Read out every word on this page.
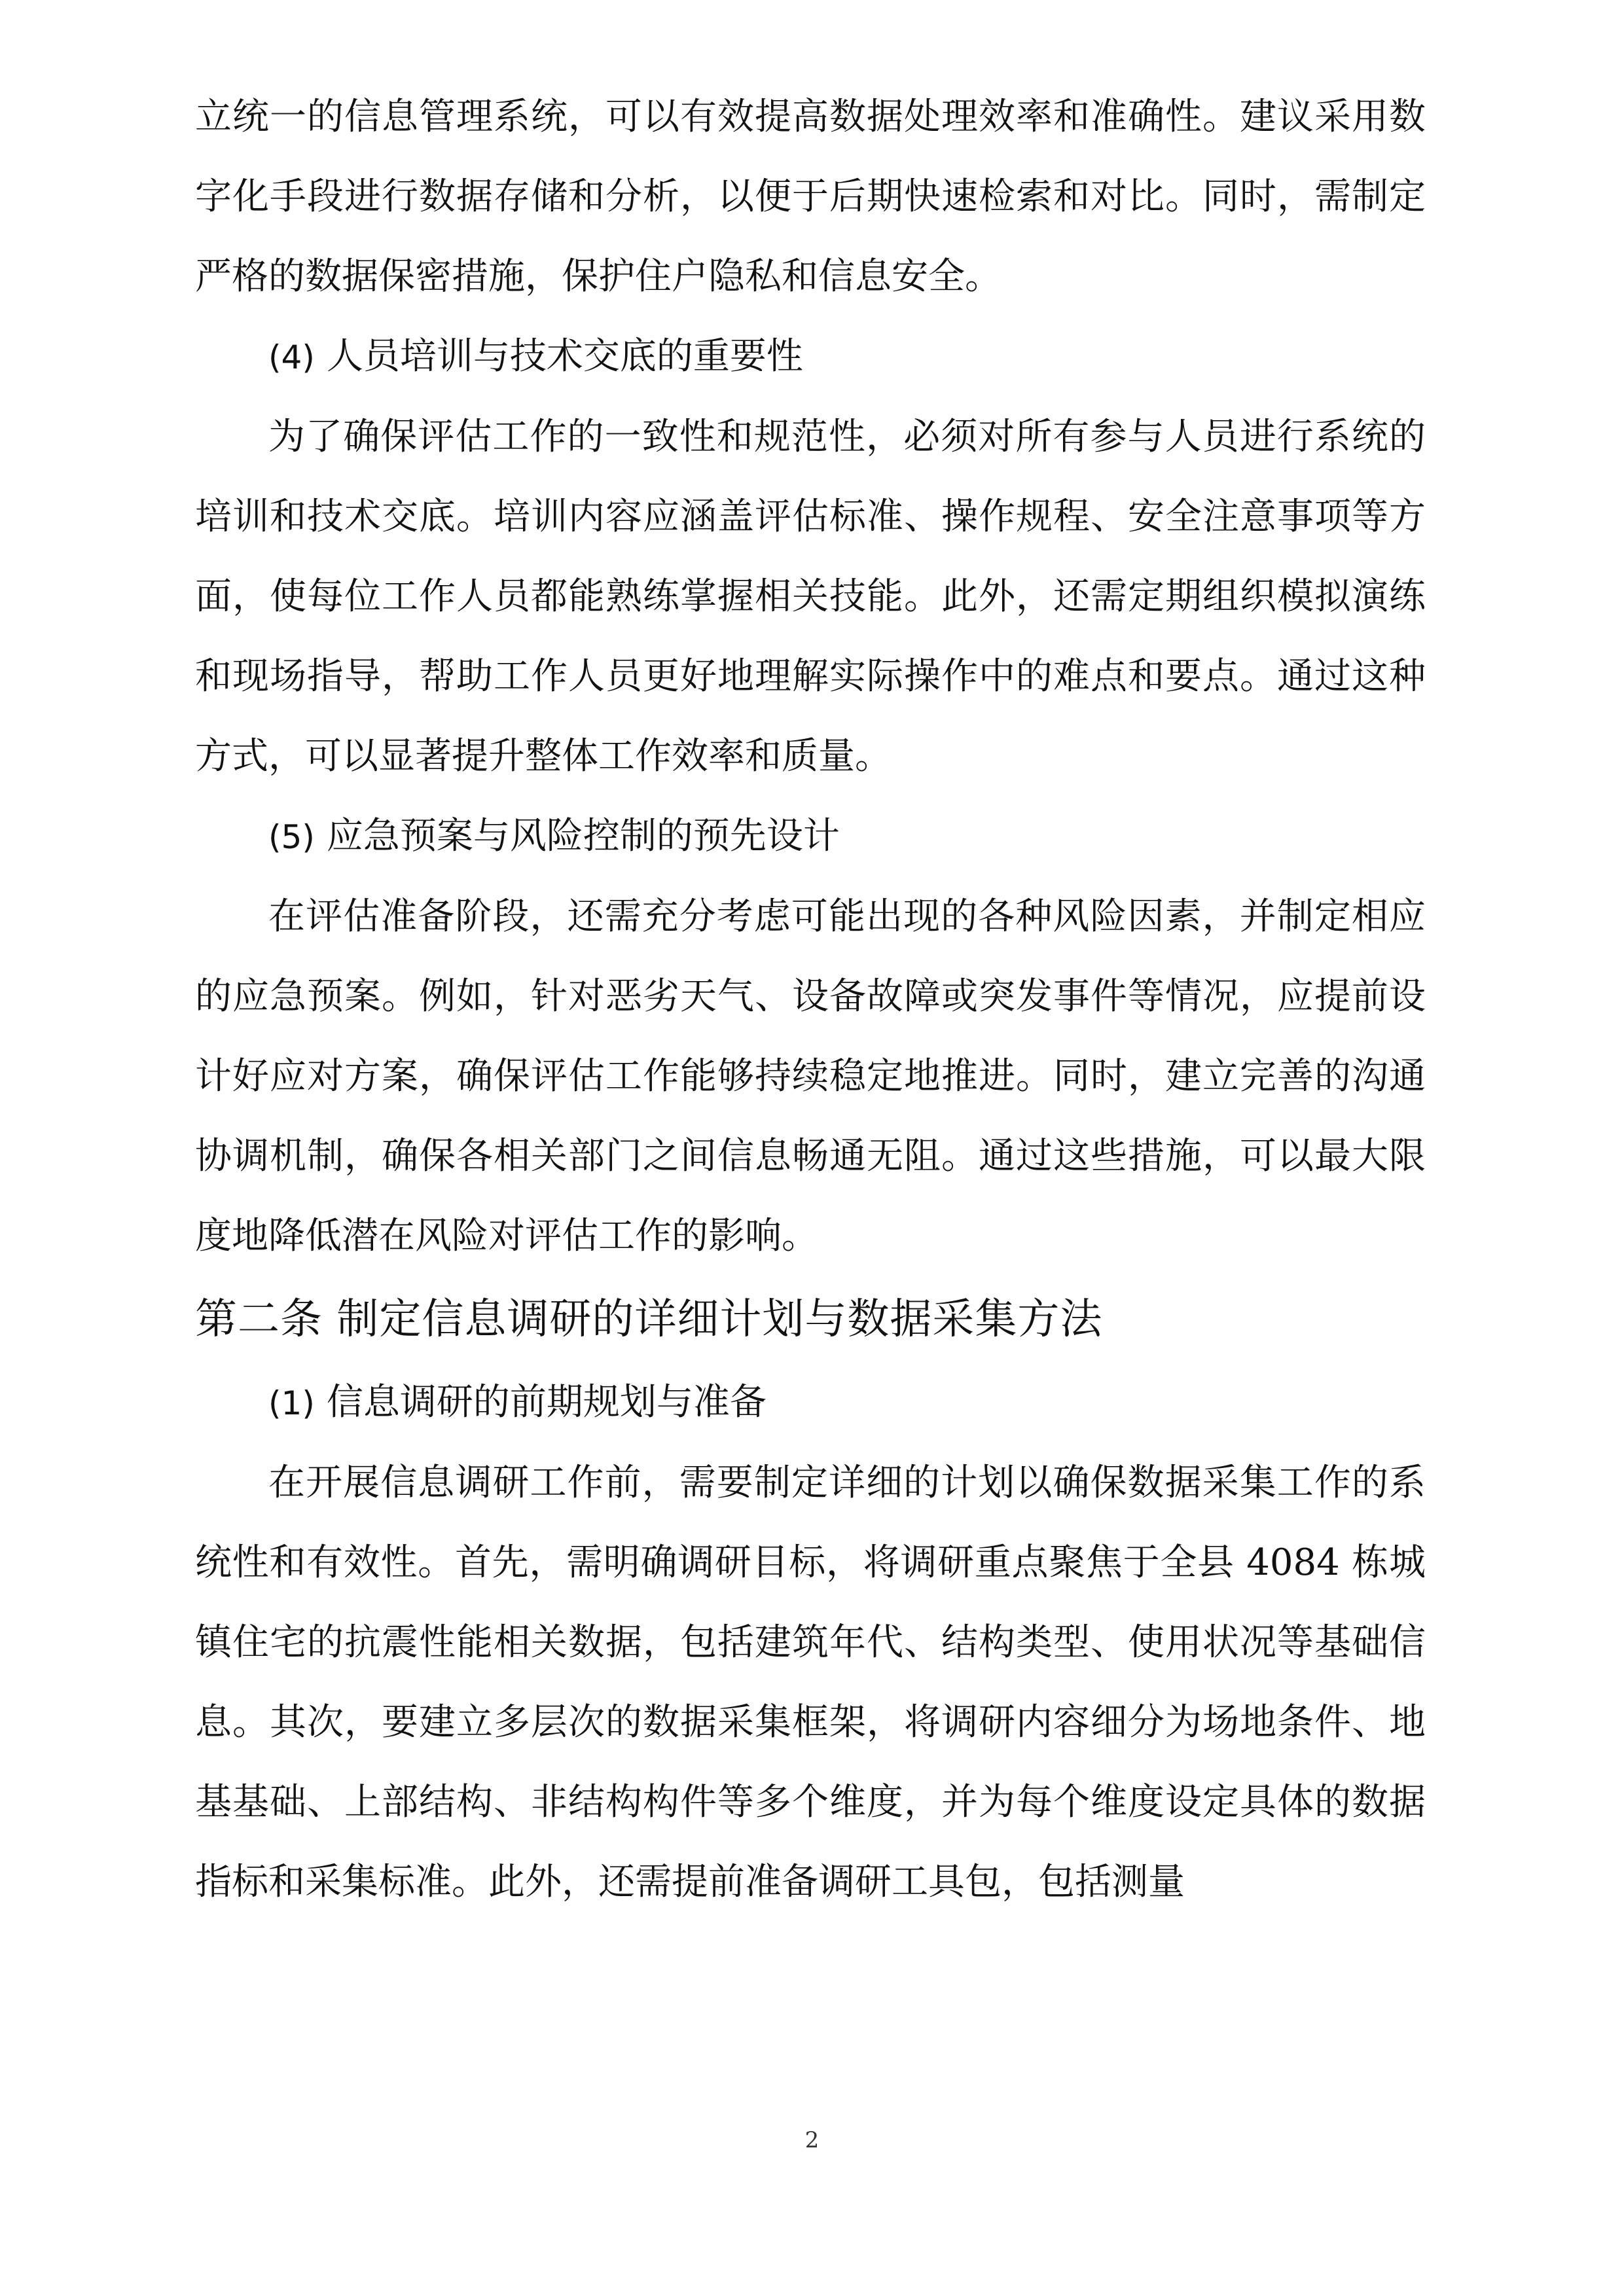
立统一的信息管理系统，可以有效提高数据处理效率和准确性。建议采用数字化手段进行数据存储和分析，以便于后期快速检索和对比。同时，需制定严格的数据保密措施，保护住户隐私和信息安全。

(4) 人员培训与技术交底的重要性

为了确保评估工作的一致性和规范性，必须对所有参与人员进行系统的培训和技术交底。培训内容应涵盖评估标准、操作规程、安全注意事项等方面，使每位工作人员都能熟练掌握相关技能。此外，还需定期组织模拟演练和现场指导，帮助工作人员更好地理解实际操作中的难点和要点。通过这种方式，可以显著提升整体工作效率和质量。

(5) 应急预案与风险控制的预先设计

在评估准备阶段，还需充分考虑可能出现的各种风险因素，并制定相应的应急预案。例如，针对恶劣天气、设备故障或突发事件等情况，应提前设计好应对方案，确保评估工作能够持续稳定地推进。同时，建立完善的沟通协调机制，确保各相关部门之间信息畅通无阻。通过这些措施，可以最大限度地降低潜在风险对评估工作的影响。

第二条 制定信息调研的详细计划与数据采集方法

(1) 信息调研的前期规划与准备

在开展信息调研工作前，需要制定详细的计划以确保数据采集工作的系统性和有效性。首先，需明确调研目标，将调研重点聚焦于全县 4084 栋城镇住宅的抗震性能相关数据，包括建筑年代、结构类型、使用状况等基础信息。其次，要建立多层次的数据采集框架，将调研内容细分为场地条件、地基基础、上部结构、非结构构件等多个维度，并为每个维度设定具体的数据指标和采集标准。此外，还需提前准备调研工具包，包括测量

2
